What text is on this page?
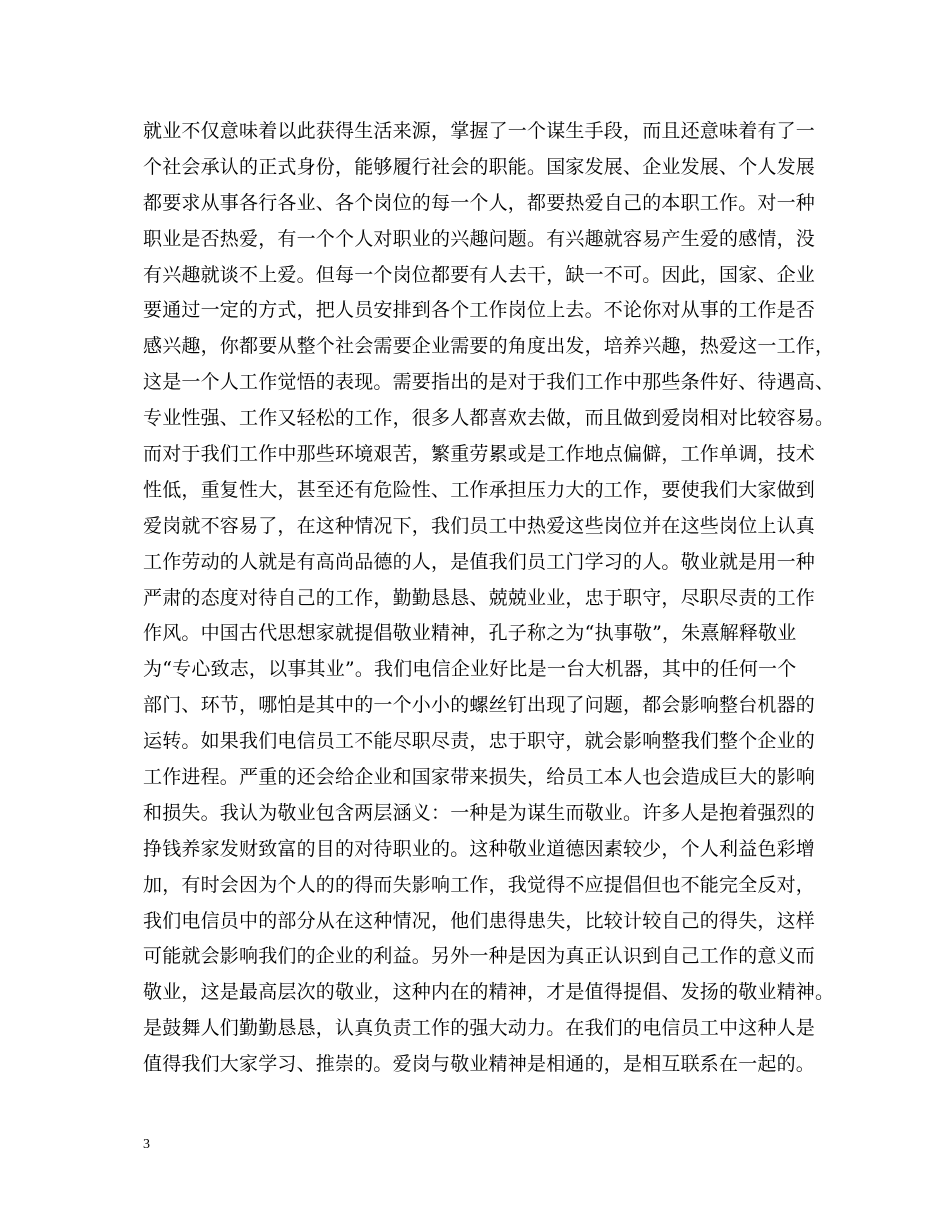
就业不仅意味着以此获得生活来源，掌握了一个谋生手段，而且还意味着有了一
个社会承认的正式身份，能够履行社会的职能。国家发展、企业发展、个人发展
都要求从事各行各业、各个岗位的每一个人，都要热爱自己的本职工作。对一种
职业是否热爱，有一个个人对职业的兴趣问题。有兴趣就容易产生爱的感情，没
有兴趣就谈不上爱。但每一个岗位都要有人去干，缺一不可。因此，国家、企业
要通过一定的方式，把人员安排到各个工作岗位上去。不论你对从事的工作是否
感兴趣，你都要从整个社会需要企业需要的角度出发，培养兴趣，热爱这一工作，
这是一个人工作觉悟的表现。需要指出的是对于我们工作中那些条件好、待遇高、
专业性强、工作又轻松的工作，很多人都喜欢去做，而且做到爱岗相对比较容易。
而对于我们工作中那些环境艰苦，繁重劳累或是工作地点偏僻，工作单调，技术
性低，重复性大，甚至还有危险性、工作承担压力大的工作，要使我们大家做到
爱岗就不容易了，在这种情况下，我们员工中热爱这些岗位并在这些岗位上认真
工作劳动的人就是有高尚品德的人，是值我们员工门学习的人。敬业就是用一种
严肃的态度对待自己的工作，勤勤恳恳、兢兢业业，忠于职守，尽职尽责的工作
作风。中国古代思想家就提倡敬业精神，孔子称之为“执事敬”，朱熹解释敬业
为“专心致志，以事其业”。我们电信企业好比是一台大机器，其中的任何一个
部门、环节，哪怕是其中的一个小小的螺丝钉出现了问题，都会影响整台机器的
运转。如果我们电信员工不能尽职尽责，忠于职守，就会影响整我们整个企业的
工作进程。严重的还会给企业和国家带来损失，给员工本人也会造成巨大的影响
和损失。我认为敬业包含两层涵义：一种是为谋生而敬业。许多人是抱着强烈的
挣钱养家发财致富的目的对待职业的。这种敬业道德因素较少，个人利益色彩增
加，有时会因为个人的的得而失影响工作，我觉得不应提倡但也不能完全反对，
我们电信员中的部分从在这种情况，他们患得患失，比较计较自己的得失，这样
可能就会影响我们的企业的利益。另外一种是因为真正认识到自己工作的意义而
敬业，这是最高层次的敬业，这种内在的精神，才是值得提倡、发扬的敬业精神。
是鼓舞人们勤勤恳恳，认真负责工作的强大动力。在我们的电信员工中这种人是
值得我们大家学习、推崇的。爱岗与敬业精神是相通的，是相互联系在一起的。
3
